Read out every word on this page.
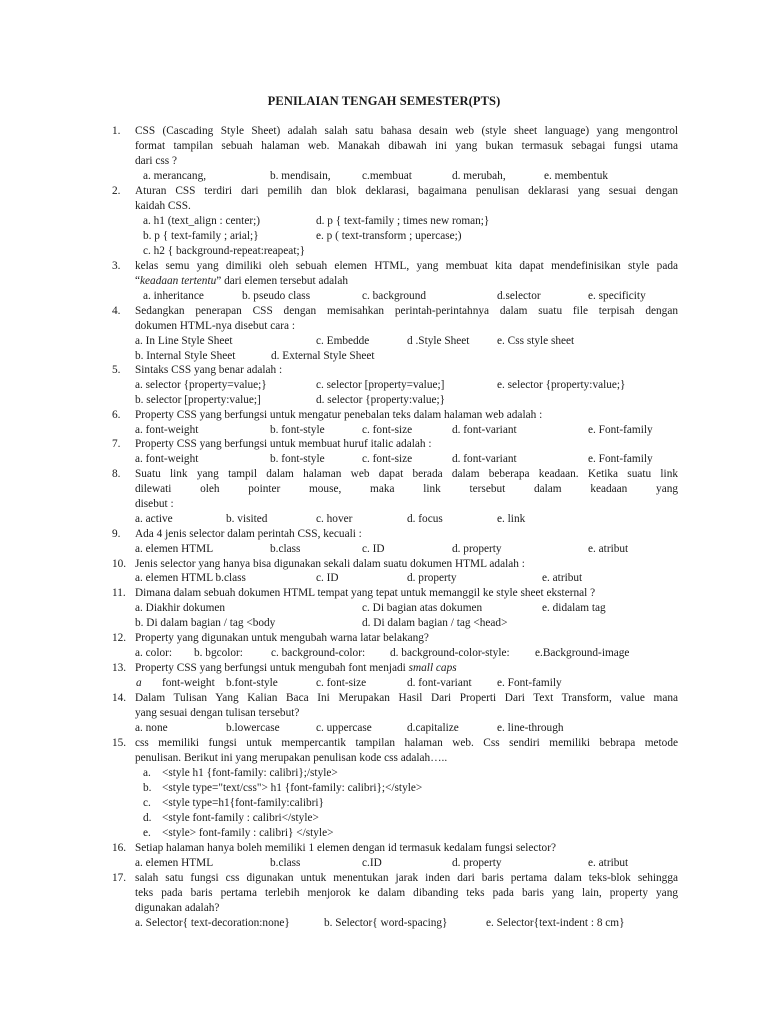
PENILAIAN TENGAH SEMESTER(PTS)
1.	CSS (Cascading Style Sheet) adalah salah satu bahasa desain web (style sheet language) yang mengontrol
format tampilan sebuah halaman web. Manakah dibawah ini yang bukan termasuk sebagai fungsi utama
dari css ?
a. merancang,	b. mendisain,	c.membuat	d. merubah,	e. membentuk
2.	Aturan CSS terdiri dari pemilih dan blok deklarasi, bagaimana penulisan deklarasi yang sesuai dengan
kaidah CSS.
a. h1 (text_align : center;)	d. p { text-family ; times new roman;}
b. p { text-family ; arial;}	e. p ( text-transform ; upercase;)
c. h2 { background-repeat:reapeat;}
3.	kelas semu yang dimiliki oleh sebuah elemen HTML, yang membuat kita dapat mendefinisikan style pada
“keadaan tertentu” dari elemen tersebut adalah
a. inheritance	b. pseudo class	c. background	d.selector	e. specificity
4.	Sedangkan penerapan CSS dengan memisahkan perintah-perintahnya dalam suatu file terpisah dengan
dokumen HTML-nya disebut cara :
a. In Line Style Sheet	c. Embedde	d .Style Sheet e. Css style sheet
b. Internal Style Sheet	d. External Style Sheet
5.	Sintaks CSS yang benar adalah :
a. selector {property=value;}	c. selector [property=value;]	e. selector {property:value;}
b. selector [property:value;]	d. selector {property:value;}
6.	Property CSS yang berfungsi untuk mengatur penebalan teks dalam halaman web adalah :
a. font-weight	b. font-style	c. font-size	d. font-variant	e. Font-family
7.	Property CSS yang berfungsi untuk membuat huruf italic adalah :
a. font-weight	b. font-style	c. font-size	d. font-variant	e. Font-family
8.	Suatu link yang tampil dalam halaman web dapat berada dalam beberapa keadaan. Ketika suatu link
dilewati oleh pointer mouse, maka link tersebut dalam keadaan yang
disebut :
a. active	b. visited	c. hover	d. focus	e. link
9.	Ada 4 jenis selector dalam perintah CSS, kecuali :
a. elemen HTML	b.class	c. ID	d. property	e. atribut
10. Jenis selector yang hanya bisa digunakan sekali dalam suatu dokumen HTML adalah :
a. elemen HTML b.class	c. ID	d. property	e. atribut
11. Dimana dalam sebuah dokumen HTML tempat yang tepat untuk memanggil ke style sheet eksternal ?
a. Diakhir dokumen	c. Di bagian atas dokumen	e. didalam tag
b. Di dalam bagian / tag <body	d. Di dalam bagian / tag <head>
12. Property yang digunakan untuk mengubah warna latar belakang?
a. color: b. bgcolor: c. background-color: d. background-color-style: e.Background-image
13. Property CSS yang berfungsi untuk mengubah font menjadi small caps
a font-weight b.font-style	c. font-size	d. font-variant e. Font-family
14. Dalam Tulisan Yang Kalian Baca Ini Merupakan Hasil Dari Properti Dari Text Transform, value mana
yang sesuai dengan tulisan tersebut?
a. none	b.lowercase	c. uppercase	d.capitalize	e. line-through
15. css memiliki fungsi untuk mempercantik tampilan halaman web. Css sendiri memiliki bebrapa metode
penulisan. Berikut ini yang merupakan penulisan kode css adalah…..
a. <style h1 {font-family: calibri};/style>
b. <style type="text/css"> h1 {font-family: calibri};</style>
c. <style type=h1{font-family:calibri}
d. <style font-family : calibri</style>
e. <style> font-family : calibri} </style>
16. Setiap halaman hanya boleh memiliki 1 elemen dengan id termasuk kedalam fungsi selector?
a. elemen HTML	b.class	c.ID	d. property	e. atribut
17. salah satu fungsi css digunakan untuk menentukan jarak inden dari baris pertama dalam teks-blok sehingga
teks pada baris pertama terlebih menjorok ke dalam dibanding teks pada baris yang lain, property yang
digunakan adalah?
a. Selector{ text-decoration:none}	b. Selector{ word-spacing}	e. Selector{text-indent : 8 cm}
